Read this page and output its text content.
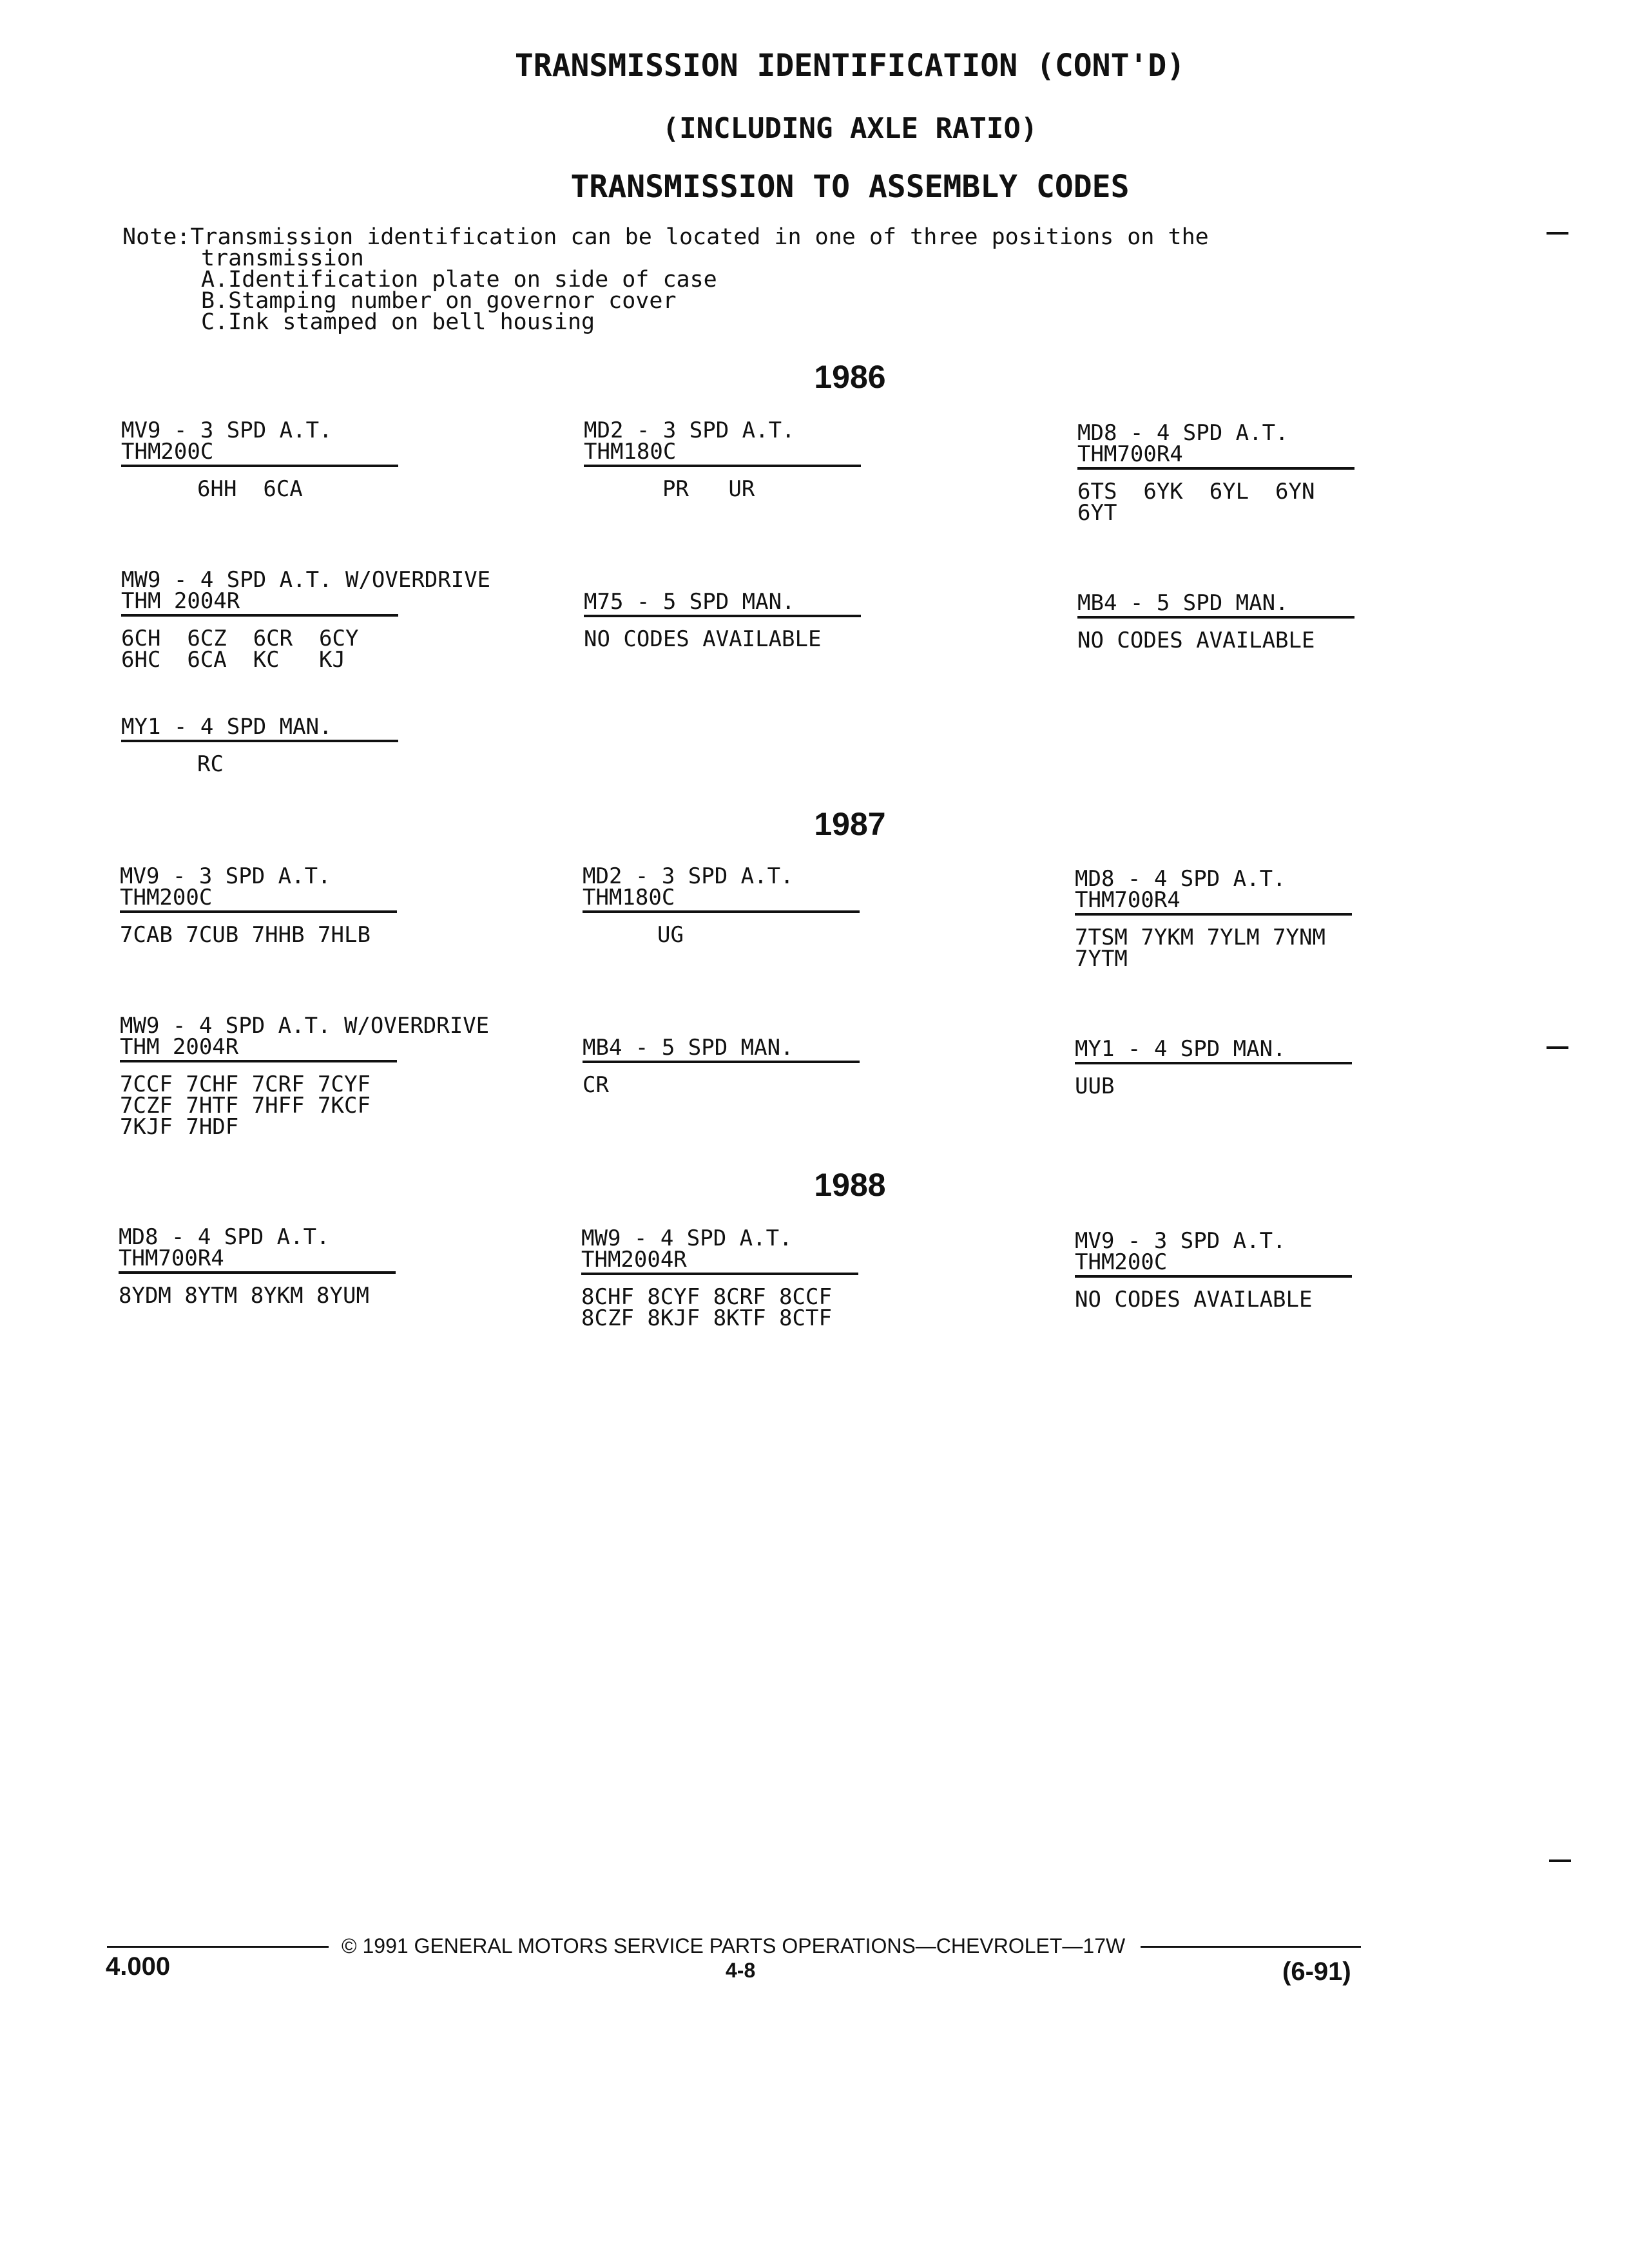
TRANSMISSION IDENTIFICATION (CONT'D)
(INCLUDING AXLE RATIO)
TRANSMISSION TO ASSEMBLY CODES
Note:Transmission identification can be located in one of three positions on the
transmission
A.Identification plate on side of case
B.Stamping number on governor cover
C.Ink stamped on bell housing
1986
MV9 - 3 SPD A.T.
THM200C
6HH  6CA
MD2 - 3 SPD A.T.
THM180C
PR   UR
MD8 - 4 SPD A.T.
THM700R4
6TS  6YK  6YL  6YN
6YT
MW9 - 4 SPD A.T. W/OVERDRIVE
THM 2004R
6CH  6CZ  6CR  6CY
6HC  6CA  KC   KJ
M75 - 5 SPD MAN.
NO CODES AVAILABLE
MB4 - 5 SPD MAN.
NO CODES AVAILABLE
MY1 - 4 SPD MAN.
RC
1987
MV9 - 3 SPD A.T.
THM200C
7CAB 7CUB 7HHB 7HLB
MD2 - 3 SPD A.T.
THM180C
UG
MD8 - 4 SPD A.T.
THM700R4
7TSM 7YKM 7YLM 7YNM
7YTM
MW9 - 4 SPD A.T. W/OVERDRIVE
THM 2004R
7CCF 7CHF 7CRF 7CYF
7CZF 7HTF 7HFF 7KCF
7KJF 7HDF
MB4 - 5 SPD MAN.
CR
MY1 - 4 SPD MAN.
UUB
1988
MD8 - 4 SPD A.T.
THM700R4
8YDM 8YTM 8YKM 8YUM
MW9 - 4 SPD A.T.
THM2004R
8CHF 8CYF 8CRF 8CCF
8CZF 8KJF 8KTF 8CTF
MV9 - 3 SPD A.T.
THM200C
NO CODES AVAILABLE
© 1991 GENERAL MOTORS SERVICE PARTS OPERATIONS—CHEVROLET—17W
4.000	4-8	(6-91)
